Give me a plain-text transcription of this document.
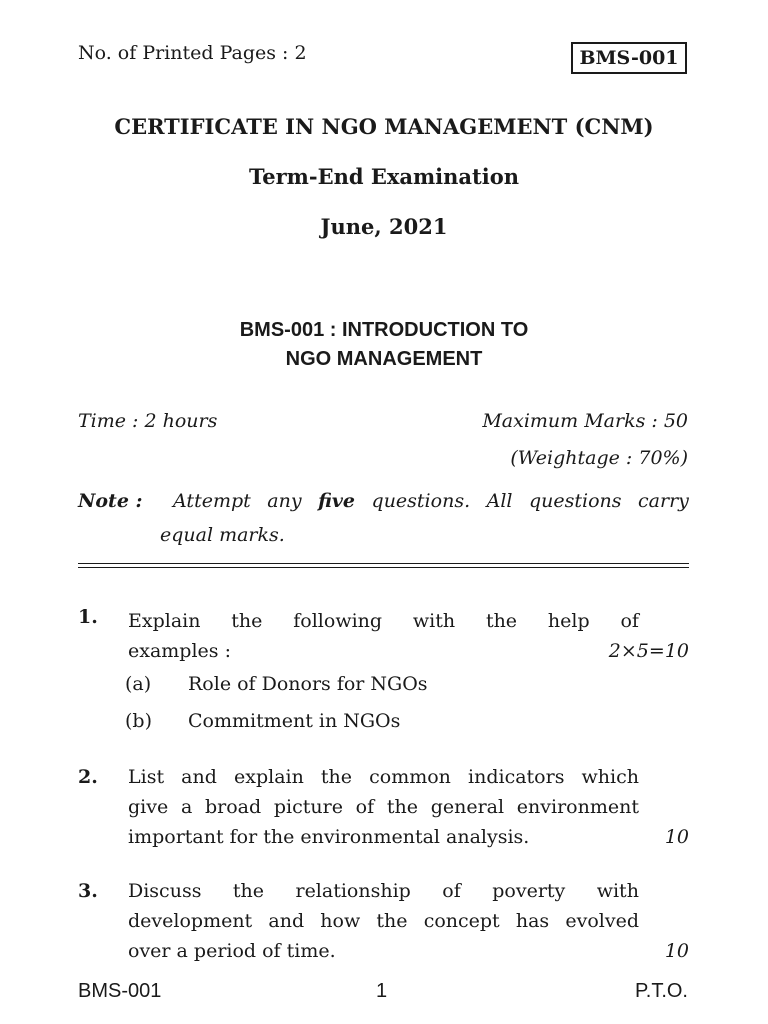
No. of Printed Pages : 2	BMS-001
CERTIFICATE IN NGO MANAGEMENT (CNM)
Term-End Examination
June, 2021
BMS-001 : INTRODUCTION TO
NGO MANAGEMENT
Time : 2 hours	Maximum Marks : 50
(Weightage : 70%)
Note : Attempt any five questions. All questions carry
equal marks.
1. Explain the following with the help of
examples :	2×5=10
(a) Role of Donors for NGOs
(b) Commitment in NGOs
2. List and explain the common indicators which
give a broad picture of the general environment
important for the environmental analysis.	10
3. Discuss the relationship of poverty with
development and how the concept has evolved
over a period of time.	10
BMS-001	1	P.T.O.
